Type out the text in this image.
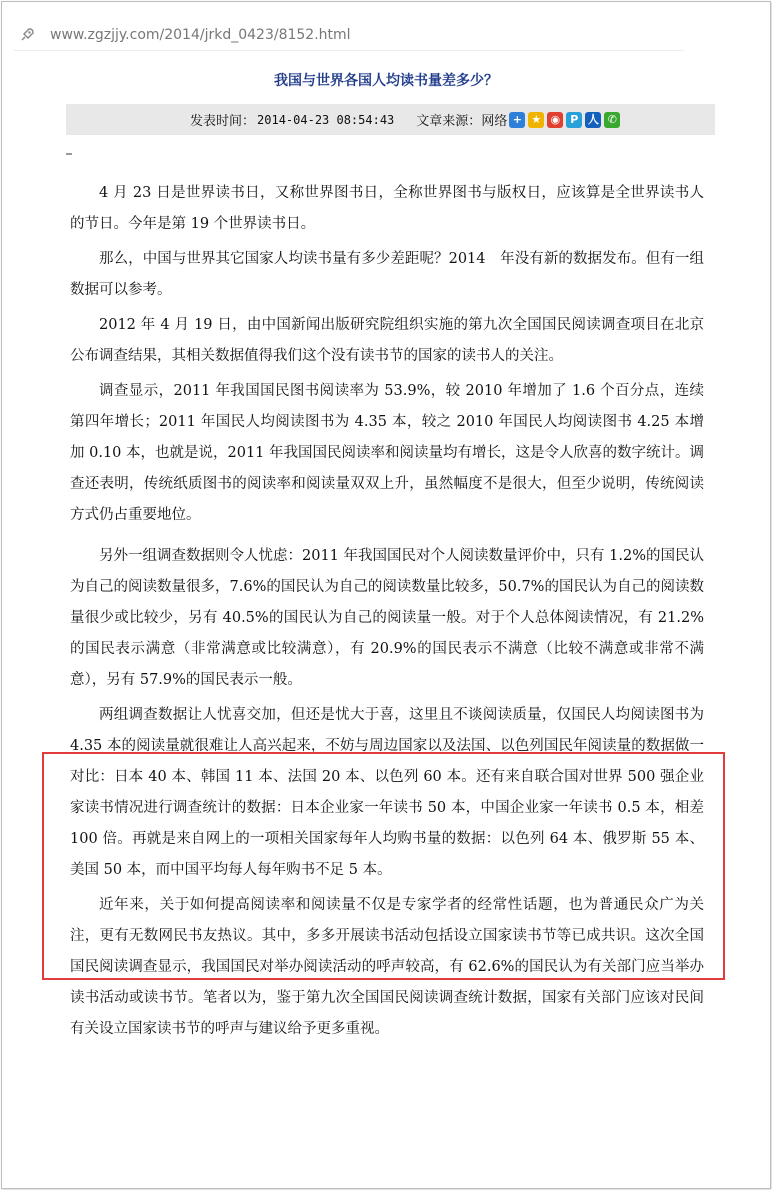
www.zgzjjy.com/2014/jrkd_0423/8152.html
我国与世界各国人均读书量差多少？
发表时间： 2014-04-23 08:54:43 文章来源： 网络 + ★ ◉ P 人 ✆

4 月 23 日是世界读书日，又称世界图书日，全称世界图书与版权日，应该算是全世界读书人的节日。今年是第 19 个世界读书日。

那么，中国与世界其它国家人均读书量有多少差距呢？2014　年没有新的数据发布。但有一组数据可以参考。

2012 年 4 月 19 日，由中国新闻出版研究院组织实施的第九次全国国民阅读调查项目在北京公布调查结果，其相关数据值得我们这个没有读书节的国家的读书人的关注。

调查显示，2011 年我国国民图书阅读率为 53.9%，较 2010 年增加了 1.6 个百分点，连续第四年增长；2011 年国民人均阅读图书为 4.35 本，较之 2010 年国民人均阅读图书 4.25 本增加 0.10 本，也就是说，2011 年我国国民阅读率和阅读量均有增长，这是令人欣喜的数字统计。调查还表明，传统纸质图书的阅读率和阅读量双双上升，虽然幅度不是很大，但至少说明，传统阅读方式仍占重要地位。

另外一组调查数据则令人忧虑：2011 年我国国民对个人阅读数量评价中，只有 1.2%的国民认为自己的阅读数量很多，7.6%的国民认为自己的阅读数量比较多，50.7%的国民认为自己的阅读数量很少或比较少，另有 40.5%的国民认为自己的阅读量一般。对于个人总体阅读情况，有 21.2%的国民表示满意（非常满意或比较满意），有 20.9%的国民表示不满意（比较不满意或非常不满意），另有 57.9%的国民表示一般。

两组调查数据让人忧喜交加，但还是忧大于喜，这里且不谈阅读质量，仅国民人均阅读图书为 4.35 本的阅读量就很难让人高兴起来，不妨与周边国家以及法国、以色列国民年阅读量的数据做一对比：日本 40 本、韩国 11 本、法国 20 本、以色列 60 本。还有来自联合国对世界 500 强企业家读书情况进行调查统计的数据：日本企业家一年读书 50 本，中国企业家一年读书 0.5 本，相差 100 倍。再就是来自网上的一项相关国家每年人均购书量的数据：以色列 64 本、俄罗斯 55 本、美国 50 本，而中国平均每人每年购书不足 5 本。

近年来，关于如何提高阅读率和阅读量不仅是专家学者的经常性话题，也为普通民众广为关注，更有无数网民书友热议。其中，多多开展读书活动包括设立国家读书节等已成共识。这次全国国民阅读调查显示，我国国民对举办阅读活动的呼声较高，有 62.6%的国民认为有关部门应当举办读书活动或读书节。笔者以为，鉴于第九次全国国民阅读调查统计数据，国家有关部门应该对民间有关设立国家读书节的呼声与建议给予更多重视。
